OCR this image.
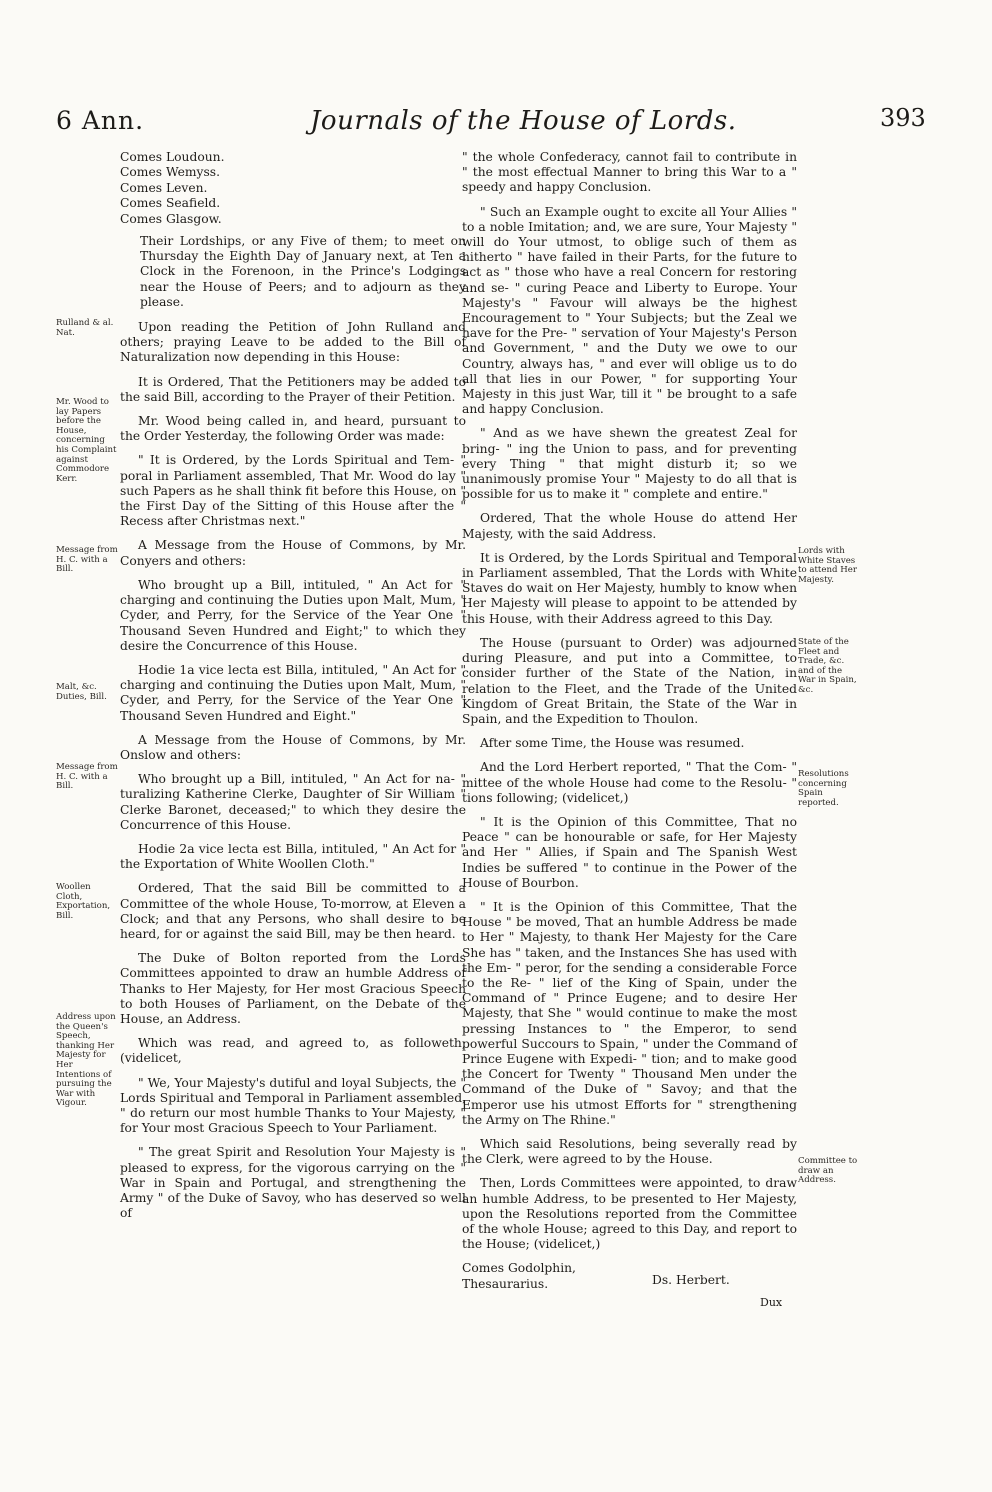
6 Ann.	Journals of the House of Lords.	393
Comes Loudoun.
Comes Wemyss.
Comes Leven.
Comes Seafield.
Comes Glasgow.

Their Lordships, or any Five of them; to meet on Thursday the Eighth Day of January next, at Ten a Clock in the Forenoon, in the Prince's Lodgings near the House of Peers; and to adjourn as they please.

Upon reading the Petition of John Rulland and others; praying Leave to be added to the Bill of Naturalization now depending in this House:

It is Ordered, That the Petitioners may be added to the said Bill, according to the Prayer of their Petition.

Mr. Wood being called in, and heard, pursuant to the Order Yesterday, the following Order was made:

" It is Ordered, by the Lords Spiritual and Tem- " poral in Parliament assembled, That Mr. Wood do lay " such Papers as he shall think fit before this House, on " the First Day of the Sitting of this House after the " Recess after Christmas next."

A Message from the House of Commons, by Mr. Conyers and others:

Who brought up a Bill, intituled, " An Act for " charging and continuing the Duties upon Malt, Mum, " Cyder, and Perry, for the Service of the Year One " Thousand Seven Hundred and Eight;" to which they desire the Concurrence of this House.

Hodie 1a vice lecta est Billa, intituled, " An Act for " charging and continuing the Duties upon Malt, Mum, " Cyder, and Perry, for the Service of the Year One " Thousand Seven Hundred and Eight."

A Message from the House of Commons, by Mr. Onslow and others:

Who brought up a Bill, intituled, " An Act for na- " turalizing Katherine Clerke, Daughter of Sir William " Clerke Baronet, deceased;" to which they desire the Concurrence of this House.

Hodie 2a vice lecta est Billa, intituled, " An Act for " the Exportation of White Woollen Cloth."

Ordered, That the said Bill be committed to a Committee of the whole House, To-morrow, at Eleven a Clock; and that any Persons, who shall desire to be heard, for or against the said Bill, may be then heard.

The Duke of Bolton reported from the Lords Committees appointed to draw an humble Address of Thanks to Her Majesty, for Her most Gracious Speech to both Houses of Parliament, on the Debate of the House, an Address.

Which was read, and agreed to, as followeth; (videlicet,

" We, Your Majesty's dutiful and loyal Subjects, the " Lords Spiritual and Temporal in Parliament assembled, " do return our most humble Thanks to Your Majesty, " for Your most Gracious Speech to Your Parliament.

" The great Spirit and Resolution Your Majesty is " pleased to express, for the vigorous carrying on the " War in Spain and Portugal, and strengthening the Army " of the Duke of Savoy, who has deserved so well of

" the whole Confederacy, cannot fail to contribute in " the most effectual Manner to bring this War to a " speedy and happy Conclusion.

" Such an Example ought to excite all Your Allies " to a noble Imitation; and, we are sure, Your Majesty " will do Your utmost, to oblige such of them as hitherto " have failed in their Parts, for the future to act as " those who have a real Concern for restoring and se- " curing Peace and Liberty to Europe. Your Majesty's " Favour will always be the highest Encouragement to " Your Subjects; but the Zeal we have for the Pre- " servation of Your Majesty's Person and Government, " and the Duty we owe to our Country, always has, " and ever will oblige us to do all that lies in our Power, " for supporting Your Majesty in this just War, till it " be brought to a safe and happy Conclusion.

" And as we have shewn the greatest Zeal for bring- " ing the Union to pass, and for preventing every Thing " that might disturb it; so we unanimously promise Your " Majesty to do all that is possible for us to make it " complete and entire."

Ordered, That the whole House do attend Her Majesty, with the said Address.

It is Ordered, by the Lords Spiritual and Temporal in Parliament assembled, That the Lords with White Staves do wait on Her Majesty, humbly to know when Her Majesty will please to appoint to be attended by this House, with their Address agreed to this Day.

The House (pursuant to Order) was adjourned during Pleasure, and put into a Committee, to consider further of the State of the Nation, in relation to the Fleet, and the Trade of the United Kingdom of Great Britain, the State of the War in Spain, and the Expedition to Thoulon.

After some Time, the House was resumed.

And the Lord Herbert reported, " That the Com- " mittee of the whole House had come to the Resolu- " tions following; (videlicet,)

" It is the Opinion of this Committee, That no Peace " can be honourable or safe, for Her Majesty and Her " Allies, if Spain and The Spanish West Indies be suffered " to continue in the Power of the House of Bourbon.

" It is the Opinion of this Committee, That the House " be moved, That an humble Address be made to Her " Majesty, to thank Her Majesty for the Care She has " taken, and the Instances She has used with the Em- " peror, for the sending a considerable Force to the Re- " lief of the King of Spain, under the Command of " Prince Eugene; and to desire Her Majesty, that She " would continue to make the most pressing Instances to " the Emperor, to send powerful Succours to Spain, " under the Command of Prince Eugene with Expedi- " tion; and to make good the Concert for Twenty " Thousand Men under the Command of the Duke of " Savoy; and that the Emperor use his utmost Efforts for " strengthening the Army on The Rhine."

Which said Resolutions, being severally read by the Clerk, were agreed to by the House.

Then, Lords Committees were appointed, to draw an humble Address, to be presented to Her Majesty, upon the Resolutions reported from the Committee of the whole House; agreed to this Day, and report to the House; (videlicet,)

Comes Godolphin,
Thesaurarius.	Ds. Herbert.
Dux
Rulland & al. Nat.
Mr. Wood to lay Papers before the House, concerning his Complaint against Commodore Kerr.
Message from H. C. with a Bill.
Malt, &c. Duties, Bill.
Message from H. C. with a Bill.
Woollen Cloth, Exportation, Bill.
Address upon the Queen's Speech, thanking Her Majesty for Her Intentions of pursuing the War with Vigour.
Lords with White Staves to attend Her Majesty.
State of the Fleet and Trade, &c. and of the War in Spain, &c.
Resolutions concerning Spain reported.
Committee to draw an Address.
